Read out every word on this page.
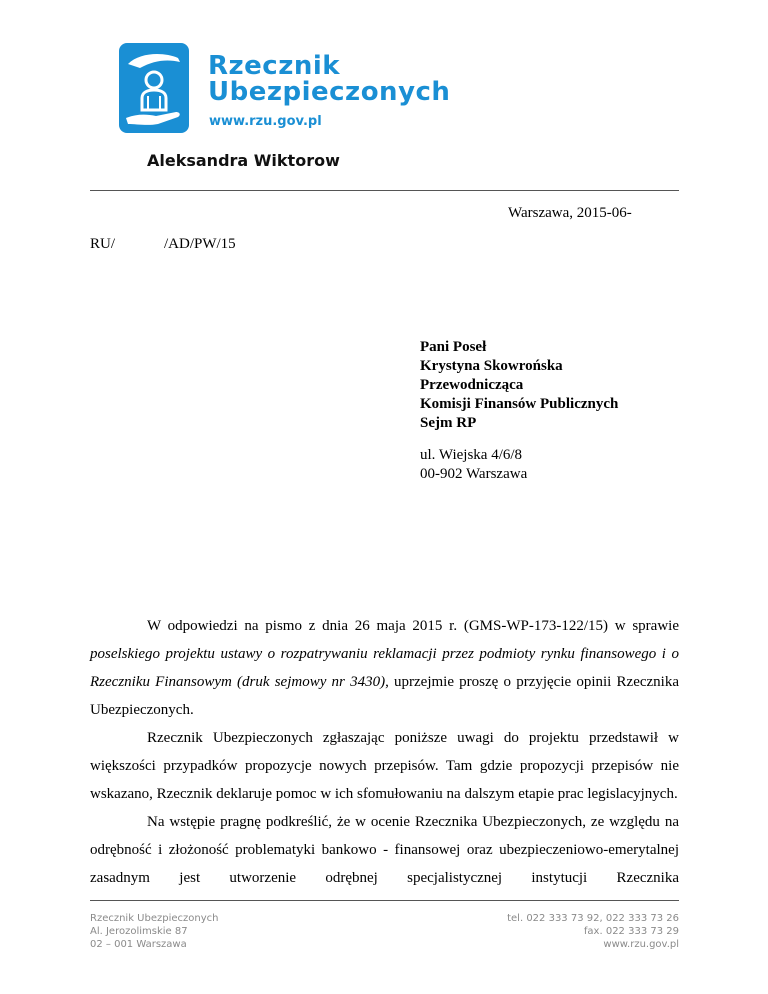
Rzecznik
Ubezpieczonych
www.rzu.gov.pl
Aleksandra Wiktorow
Warszawa, 2015-06-
RU/	/AD/PW/15
Pani Poseł
Krystyna Skowrońska
Przewodnicząca
Komisji Finansów Publicznych
Sejm RP
ul. Wiejska 4/6/8
00-902 Warszawa

W odpowiedzi na pismo z dnia 26 maja 2015 r. (GMS-WP-173-122/15) w sprawie poselskiego projektu ustawy o rozpatrywaniu reklamacji przez podmioty rynku finansowego i o Rzeczniku Finansowym (druk sejmowy nr 3430), uprzejmie proszę o przyjęcie opinii Rzecznika Ubezpieczonych.

Rzecznik Ubezpieczonych zgłaszając poniższe uwagi do projektu przedstawił w większości przypadków propozycje nowych przepisów. Tam gdzie propozycji przepisów nie wskazano, Rzecznik deklaruje pomoc w ich sfomułowaniu na dalszym etapie prac legislacyjnych.

Na wstępie pragnę podkreślić, że w ocenie Rzecznika Ubezpieczonych, ze względu na odrębność i złożoność problematyki bankowo - finansowej oraz ubezpieczeniowo-emerytalnej zasadnym jest utworzenie odrębnej specjalistycznej instytucji Rzecznika

Rzecznik Ubezpieczonych
Al. Jerozolimskie 87
02 – 001 Warszawa
tel. 022 333 73 92, 022 333 73 26
fax. 022 333 73 29
www.rzu.gov.pl
